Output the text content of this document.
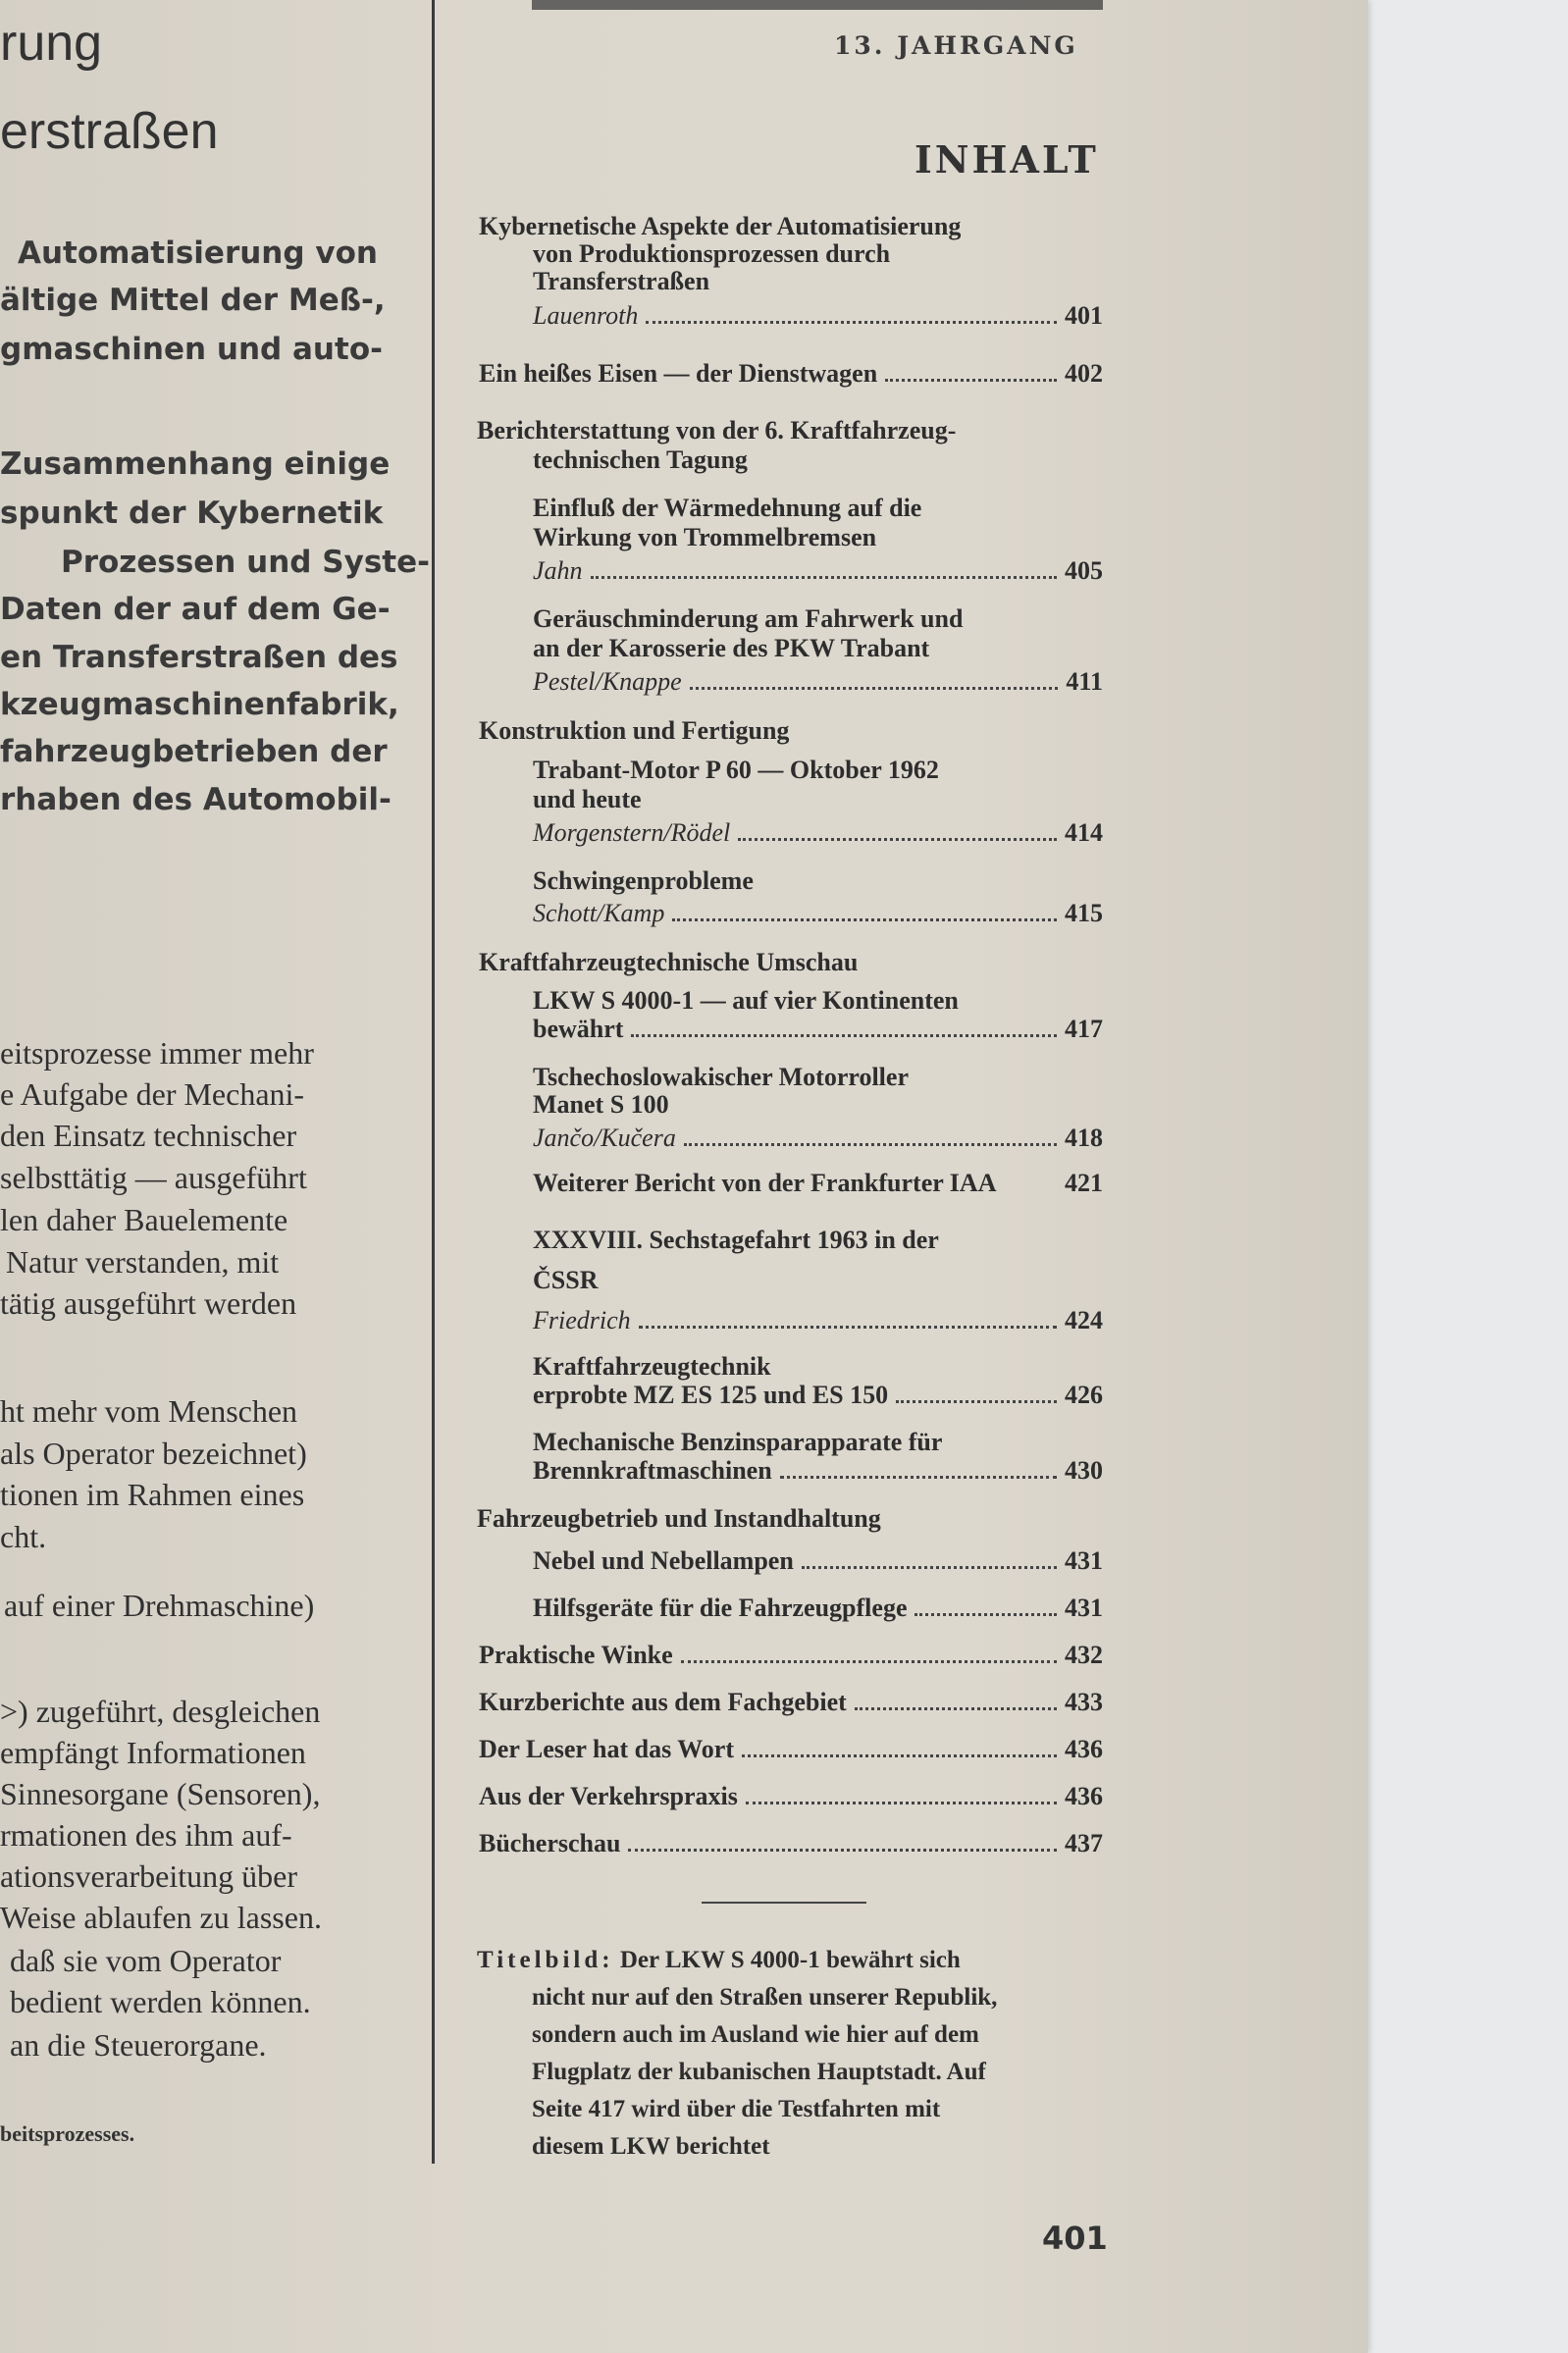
rung
erstraßen
Automatisierung von
ältige Mittel der Meß-,
gmaschinen und auto-
Zusammenhang einige
spunkt der Kybernetik
Prozessen und Syste-
Daten der auf dem Ge-
en Transferstraßen des
kzeugmaschinenfabrik,
fahrzeugbetrieben der
rhaben des Automobil-
eitsprozesse immer mehr
e Aufgabe der Mechani-
den Einsatz technischer
selbsttätig — ausgeführt
len daher Bauelemente
Natur verstanden, mit
tätig ausgeführt werden
ht mehr vom Menschen
als Operator bezeichnet)
tionen im Rahmen eines
cht.
auf einer Drehmaschine)
>) zugeführt, desgleichen
empfängt Informationen
Sinnesorgane (Sensoren),
rmationen des ihm auf-
ationsverarbeitung über
Weise ablaufen zu lassen.
daß sie vom Operator
bedient werden können.
an die Steuerorgane.
beitsprozesses.
13. JAHRGANG
INHALT
Kybernetische Aspekte der Automatisierung
von Produktionsprozessen durch
Transferstraßen
Lauenroth	401
Ein heißes Eisen — der Dienstwagen	402
Berichterstattung von der 6. Kraftfahrzeug-
technischen Tagung
Einfluß der Wärmedehnung auf die
Wirkung von Trommelbremsen
Jahn	405
Geräuschminderung am Fahrwerk und
an der Karosserie des PKW Trabant
Pestel/Knappe	411
Konstruktion und Fertigung
Trabant-Motor P 60 — Oktober 1962
und heute
Morgenstern/Rödel	414
Schwingenprobleme
Schott/Kamp	415
Kraftfahrzeugtechnische Umschau
LKW S 4000-1 — auf vier Kontinenten
bewährt	417
Tschechoslowakischer Motorroller
Manet S 100
Jančo/Kučera	418
Weiterer Bericht von der Frankfurter IAA	421
XXXVIII. Sechstagefahrt 1963 in der
ČSSR
Friedrich	424
Kraftfahrzeugtechnik
erprobte MZ ES 125 und ES 150	426
Mechanische Benzinsparapparate für
Brennkraftmaschinen	430
Fahrzeugbetrieb und Instandhaltung
Nebel und Nebellampen	431
Hilfsgeräte für die Fahrzeugpflege	431
Praktische Winke	432
Kurzberichte aus dem Fachgebiet	433
Der Leser hat das Wort	436
Aus der Verkehrspraxis	436
Bücherschau	437
Titelbild: Der LKW S 4000-1 bewährt sich
nicht nur auf den Straßen unserer Republik,
sondern auch im Ausland wie hier auf dem
Flugplatz der kubanischen Hauptstadt. Auf
Seite 417 wird über die Testfahrten mit
diesem LKW berichtet
401
